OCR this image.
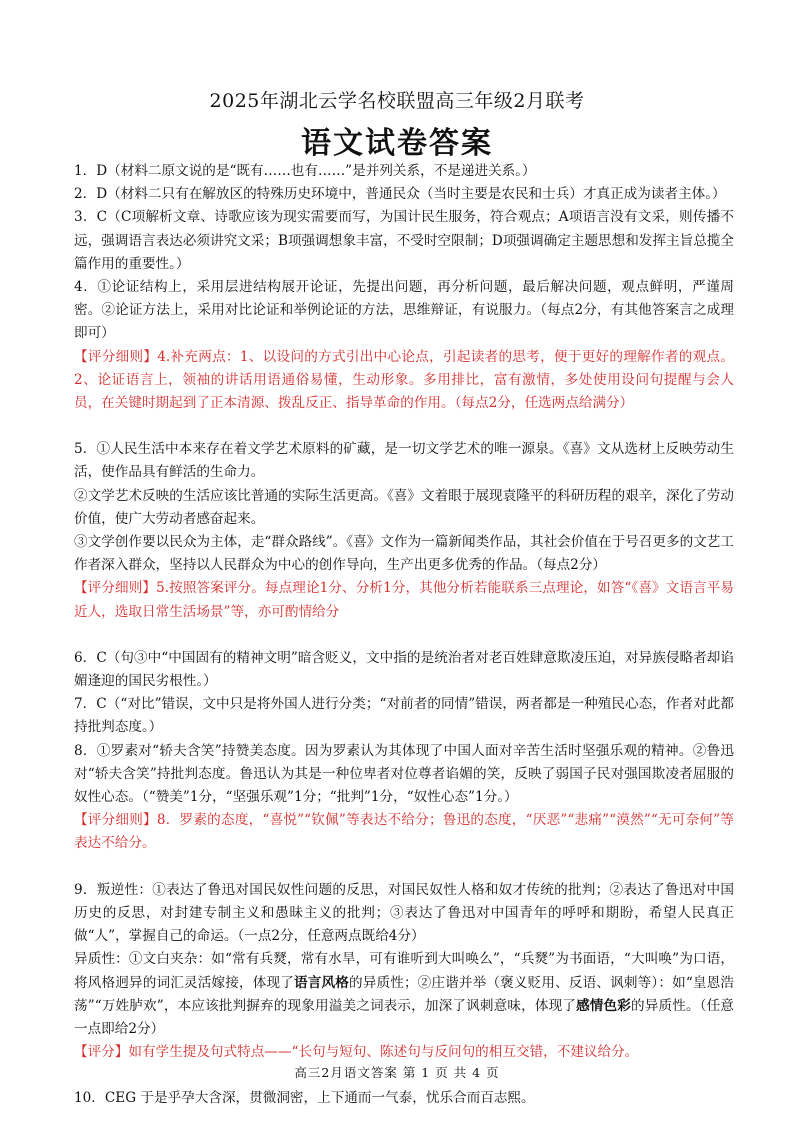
2025年湖北云学名校联盟高三年级2月联考
语文试卷答案

1．D（材料二原文说的是“既有……也有……”是并列关系，不是递进关系。）

2．D（材料二只有在解放区的特殊历史环境中，普通民众（当时主要是农民和士兵）才真正成为读者主体。）

3．C（C项解析文章、诗歌应该为现实需要而写，为国计民生服务，符合观点；A项语言没有文采，则传播不远，强调语言表达必须讲究文采；B项强调想象丰富，不受时空限制；D项强调确定主题思想和发挥主旨总揽全篇作用的重要性。）

4．①论证结构上，采用层进结构展开论证，先提出问题，再分析问题，最后解决问题，观点鲜明，严谨周密。②论证方法上，采用对比论证和举例论证的方法，思维辩证，有说服力。（每点2分，有其他答案言之成理即可）

【评分细则】4.补充两点：1、以设问的方式引出中心论点，引起读者的思考，便于更好的理解作者的观点。2、论证语言上，领袖的讲话用语通俗易懂，生动形象。多用排比，富有激情，多处使用设问句提醒与会人员，在关键时期起到了正本清源、拨乱反正、指导革命的作用。（每点2分，任选两点给满分）

5．①人民生活中本来存在着文学艺术原料的矿藏，是一切文学艺术的唯一源泉。《喜》文从选材上反映劳动生活，使作品具有鲜活的生命力。

②文学艺术反映的生活应该比普通的实际生活更高。《喜》文着眼于展现袁隆平的科研历程的艰辛，深化了劳动价值，使广大劳动者感奋起来。

③文学创作要以民众为主体，走“群众路线”。《喜》文作为一篇新闻类作品，其社会价值在于号召更多的文艺工作者深入群众，坚持以人民群众为中心的创作导向，生产出更多优秀的作品。（每点2分）

【评分细则】5.按照答案评分。每点理论1分、分析1分，其他分析若能联系三点理论，如答“《喜》文语言平易近人，选取日常生活场景”等，亦可酌情给分

6．C（句③中“中国固有的精神文明”暗含贬义，文中指的是统治者对老百姓肆意欺凌压迫，对异族侵略者却谄媚逢迎的国民劣根性。）

7．C（“对比”错误，文中只是将外国人进行分类；“对前者的同情”错误，两者都是一种殖民心态，作者对此都持批判态度。）

8．①罗素对“轿夫含笑”持赞美态度。因为罗素认为其体现了中国人面对辛苦生活时坚强乐观的精神。②鲁迅对“轿夫含笑”持批判态度。鲁迅认为其是一种位卑者对位尊者谄媚的笑，反映了弱国子民对强国欺凌者屈服的奴性心态。（“赞美”1分，“坚强乐观”1分；“批判”1分，“奴性心态”1分。）

【评分细则】8．罗素的态度，“喜悦”“钦佩”等表达不给分；鲁迅的态度，“厌恶”“悲痛”“漠然”“无可奈何”等表达不给分。

9．叛逆性：①表达了鲁迅对国民奴性问题的反思，对国民奴性人格和奴才传统的批判；②表达了鲁迅对中国历史的反思，对封建专制主义和愚昧主义的批判；③表达了鲁迅对中国青年的呼呼和期盼，希望人民真正做“人”，掌握自己的命运。（一点2分，任意两点既给4分）

异质性：①文白夹杂：如“常有兵燹，常有水旱，可有谁听到大叫唤么”，“兵燹”为书面语，“大叫唤”为口语，将风格迥异的词汇灵活嫁接，体现了语言风格的异质性；②庄谐并举（褒义贬用、反语、讽刺等）：如“皇恩浩荡”“万姓胪欢”，本应该批判摒弃的现象用溢美之词表示，加深了讽刺意味，体现了感情色彩的异质性。（任意一点即给2分）

【评分】如有学生提及句式特点——“长句与短句、陈述句与反问句的相互交错，不建议给分。

10．CEG 于是乎孕大含深，贯微洞密，上下通而一气泰，忧乐合而百志熙。

高三2月语文答案 第 1 页 共 4 页
